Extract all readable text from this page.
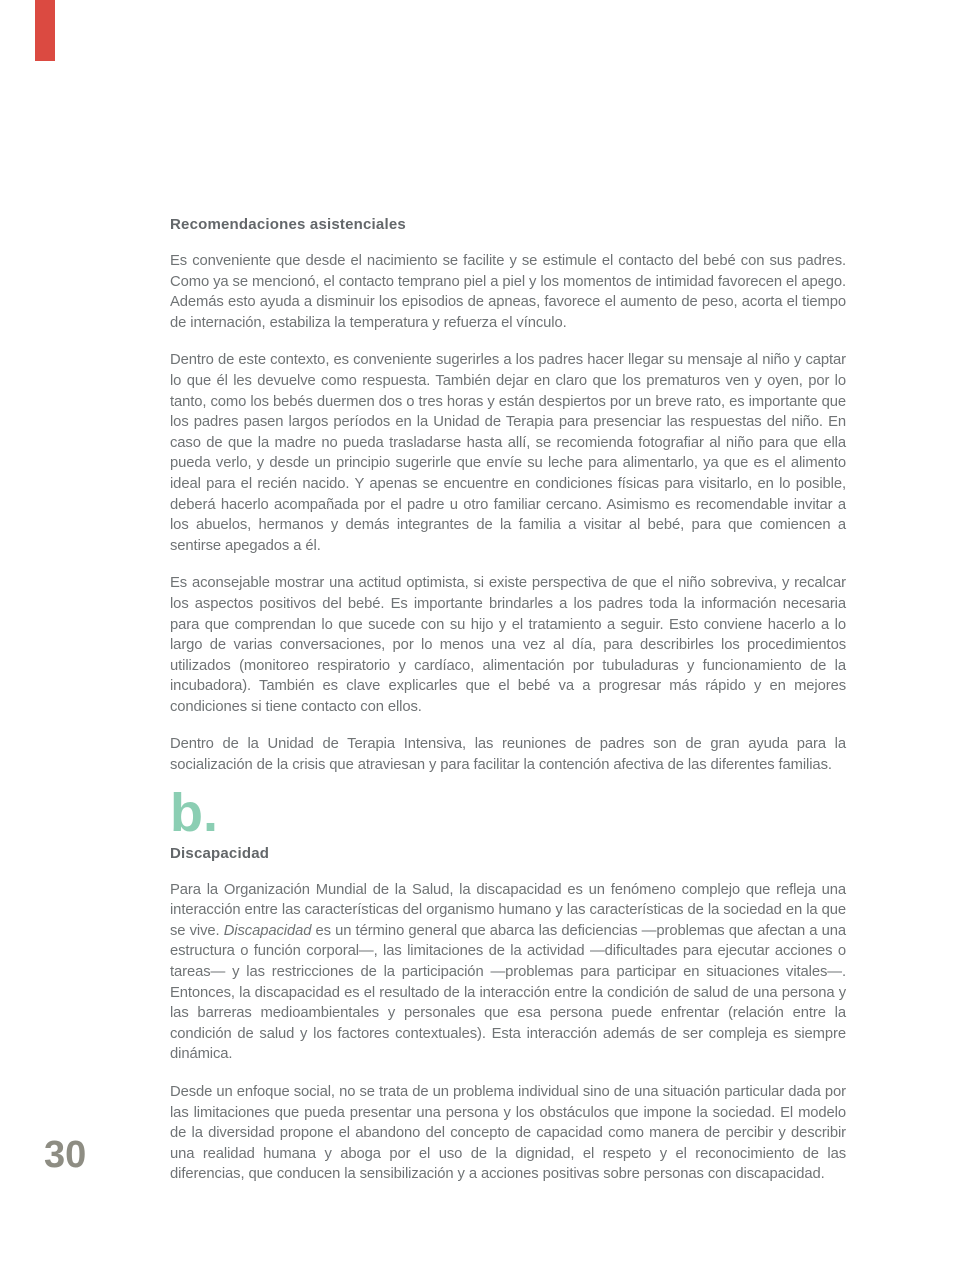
Recomendaciones asistenciales

Es conveniente que desde el nacimiento se facilite y se estimule el contacto del bebé con sus padres. Como ya se mencionó, el contacto temprano piel a piel y los momentos de intimidad favorecen el apego. Además esto ayuda a disminuir los episodios de apneas, favorece el aumento de peso, acorta el tiempo de internación, estabiliza la temperatura y refuerza el vínculo.

Dentro de este contexto, es conveniente sugerirles a los padres hacer llegar su mensaje al niño y captar lo que él les devuelve como respuesta. También dejar en claro que los prematuros ven y oyen, por lo tanto, como los bebés duermen dos o tres horas y están despiertos por un breve rato, es importante que los padres pasen largos períodos en la Unidad de Terapia para presenciar las respuestas del niño. En caso de que la madre no pueda trasladarse hasta allí, se recomienda fotografiar al niño para que ella pueda verlo, y desde un principio sugerirle que envíe su leche para alimentarlo, ya que es el alimento ideal para el recién nacido. Y apenas se encuentre en condiciones físicas para visitarlo, en lo posible, deberá hacerlo acompañada por el padre u otro familiar cercano. Asimismo es recomendable invitar a los abuelos, hermanos y demás integrantes de la familia a visitar al bebé, para que comiencen a sentirse apegados a él.

Es aconsejable mostrar una actitud optimista, si existe perspectiva de que el niño sobreviva, y recalcar los aspectos positivos del bebé. Es importante brindarles a los padres toda la información necesaria para que comprendan lo que sucede con su hijo y el tratamiento a seguir. Esto conviene hacerlo a lo largo de varias conversaciones, por lo menos una vez al día, para describirles los procedimientos utilizados (monitoreo respiratorio y cardíaco, alimentación por tubuladuras y funcionamiento de la incubadora). También es clave explicarles que el bebé va a progresar más rápido y en mejores condiciones si tiene contacto con ellos.

Dentro de la Unidad de Terapia Intensiva, las reuniones de padres son de gran ayuda para la socialización de la crisis que atraviesan y para facilitar la contención afectiva de las diferentes familias.

b.
Discapacidad

Para la Organización Mundial de la Salud, la discapacidad es un fenómeno complejo que refleja una interacción entre las características del organismo humano y las características de la sociedad en la que se vive. Discapacidad es un término general que abarca las deficiencias —problemas que afectan a una estructura o función corporal—, las limitaciones de la actividad —dificultades para ejecutar acciones o tareas— y las restricciones de la participación —problemas para participar en situaciones vitales—. Entonces, la discapacidad es el resultado de la interacción entre la condición de salud de una persona y las barreras medioambientales y personales que esa persona puede enfrentar (relación entre la condición de salud y los factores contextuales). Esta interacción además de ser compleja es siempre dinámica.

Desde un enfoque social, no se trata de un problema individual sino de una situación particular dada por las limitaciones que pueda presentar una persona y los obstáculos que impone la sociedad. El modelo de la diversidad propone el abandono del concepto de capacidad como manera de percibir y describir una realidad humana y aboga por el uso de la dignidad, el respeto y el reconocimiento de las diferencias, que conducen la sensibilización y a acciones positivas sobre personas con discapacidad.

30
